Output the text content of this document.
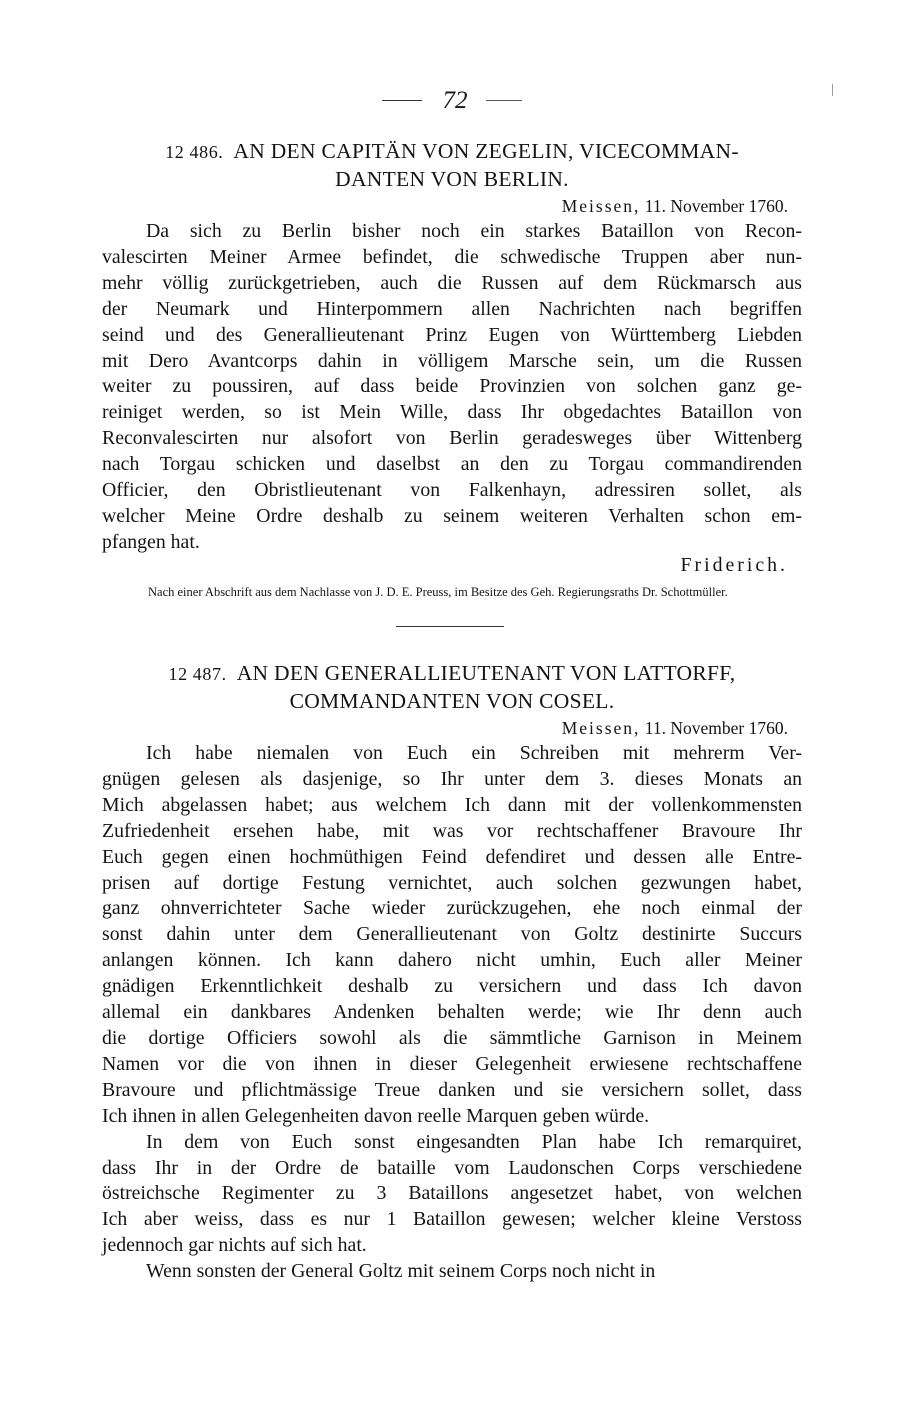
72
12 486. AN DEN CAPITÄN VON ZEGELIN, VICECOMMAN-
DANTEN VON BERLIN.
Meissen, 11. November 1760.
Da sich zu Berlin bisher noch ein starkes Bataillon von Recon-
valescirten Meiner Armee befindet, die schwedische Truppen aber nun-
mehr völlig zurückgetrieben, auch die Russen auf dem Rückmarsch aus
der Neumark und Hinterpommern allen Nachrichten nach begriffen
seind und des Generallieutenant Prinz Eugen von Württemberg Liebden
mit Dero Avantcorps dahin in völligem Marsche sein, um die Russen
weiter zu poussiren, auf dass beide Provinzien von solchen ganz ge-
reiniget werden, so ist Mein Wille, dass Ihr obgedachtes Bataillon von
Reconvalescirten nur alsofort von Berlin geradesweges über Wittenberg
nach Torgau schicken und daselbst an den zu Torgau commandirenden
Officier, den Obristlieutenant von Falkenhayn, adressiren sollet, als
welcher Meine Ordre deshalb zu seinem weiteren Verhalten schon em-
pfangen hat.
Friderich.
Nach einer Abschrift aus dem Nachlasse von J. D. E. Preuss, im Besitze des Geh. Regierungsraths Dr. Schottmüller.
12 487. AN DEN GENERALLIEUTENANT VON LATTORFF,
COMMANDANTEN VON COSEL.
Meissen, 11. November 1760.
Ich habe niemalen von Euch ein Schreiben mit mehrerm Ver-
gnügen gelesen als dasjenige, so Ihr unter dem 3. dieses Monats an
Mich abgelassen habet; aus welchem Ich dann mit der vollenkommensten
Zufriedenheit ersehen habe, mit was vor rechtschaffener Bravoure Ihr
Euch gegen einen hochmüthigen Feind defendiret und dessen alle Entre-
prisen auf dortige Festung vernichtet, auch solchen gezwungen habet,
ganz ohnverrichteter Sache wieder zurückzugehen, ehe noch einmal der
sonst dahin unter dem Generallieutenant von Goltz destinirte Succurs
anlangen können. Ich kann dahero nicht umhin, Euch aller Meiner
gnädigen Erkenntlichkeit deshalb zu versichern und dass Ich davon
allemal ein dankbares Andenken behalten werde; wie Ihr denn auch
die dortige Officiers sowohl als die sämmtliche Garnison in Meinem
Namen vor die von ihnen in dieser Gelegenheit erwiesene rechtschaffene
Bravoure und pflichtmässige Treue danken und sie versichern sollet, dass
Ich ihnen in allen Gelegenheiten davon reelle Marquen geben würde.
In dem von Euch sonst eingesandten Plan habe Ich remarquiret,
dass Ihr in der Ordre de bataille vom Laudonschen Corps verschiedene
östreichsche Regimenter zu 3 Bataillons angesetzet habet, von welchen
Ich aber weiss, dass es nur 1 Bataillon gewesen; welcher kleine Verstoss
jedennoch gar nichts auf sich hat.
Wenn sonsten der General Goltz mit seinem Corps noch nicht in
